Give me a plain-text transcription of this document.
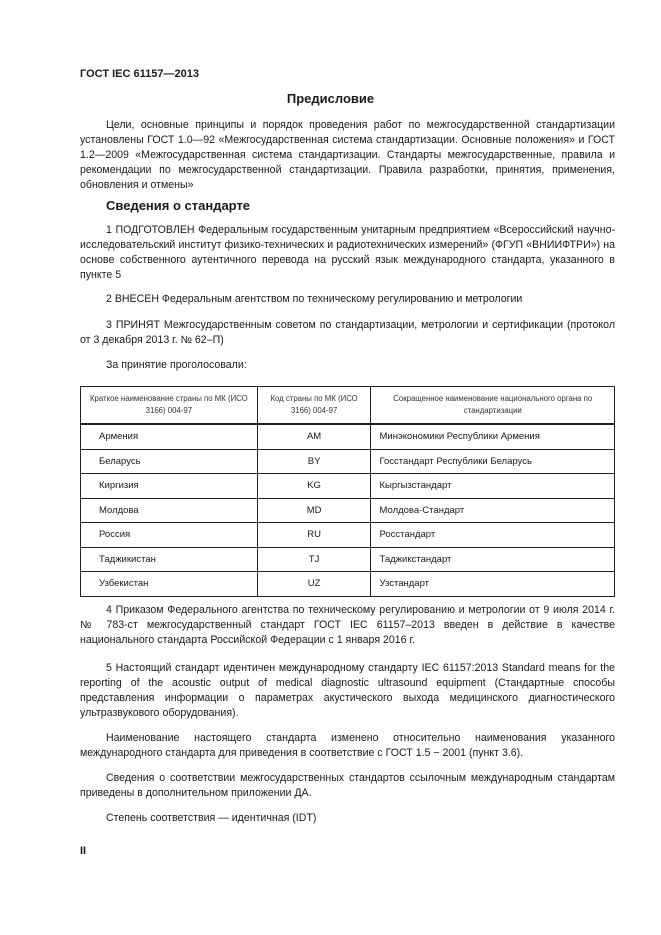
ГОСТ IEC 61157—2013
Предисловие

Цели, основные принципы и порядок проведения работ по межгосударственной стандартизации установлены ГОСТ 1.0—92 «Межгосударственная система стандартизации. Основные положения» и ГОСТ 1.2—2009 «Межгосударственная система стандартизации. Стандарты межгосударственные, правила и рекомендации по межгосударственной стандартизации. Правила разработки, принятия, применения, обновления и отмены»

Сведения о стандарте

1 ПОДГОТОВЛЕН Федеральным государственным унитарным предприятием «Всероссийский научно-исследовательский институт физико-технических и радиотехнических измерений» (ФГУП «ВНИИФТРИ») на основе собственного аутентичного перевода на русский язык международного стандарта, указанного в пункте 5

2 ВНЕСЕН Федеральным агентством по техническому регулированию и метрологии

3 ПРИНЯТ Межгосударственным советом по стандартизации, метрологии и сертификации (протокол от 3 декабря 2013 г. № 62–П)

За принятие проголосовали:

Краткое наименование страны по МК (ИСО 3166) 004-97	Код страны по МК (ИСО 3166) 004-97	Сокращенное наименование национального органа по стандартизации
Армения	AM	Минэкономики Республики Армения
Беларусь	BY	Госстандарт Республики Беларусь
Киргизия	KG	Кыргызстандарт
Молдова	MD	Молдова-Стандарт
Россия	RU	Росстандарт
Таджикистан	TJ	Таджикстандарт
Узбекистан	UZ	Узстандарт

4 Приказом Федерального агентства по техническому регулированию и метрологии от 9 июля 2014 г. № 783-ст межгосударственный стандарт ГОСТ IEC 61157–2013 введен в действие в качестве национального стандарта Российской Федерации с 1 января 2016 г.

5 Настоящий стандарт идентичен международному стандарту IEC 61157:2013 Standard means for the reporting of the acoustic output of medical diagnostic ultrasound equipment (Стандартные способы представления информации о параметрах акустического выхода медицинского диагностического ультразвукового оборудования).

Наименование настоящего стандарта изменено относительно наименования указанного международного стандарта для приведения в соответствие с ГОСТ 1.5 − 2001 (пункт 3.6).

Сведения о соответствии межгосударственных стандартов ссылочным международным стандартам приведены в дополнительном приложении ДА.

Степень соответствия — идентичная (IDT)

II
